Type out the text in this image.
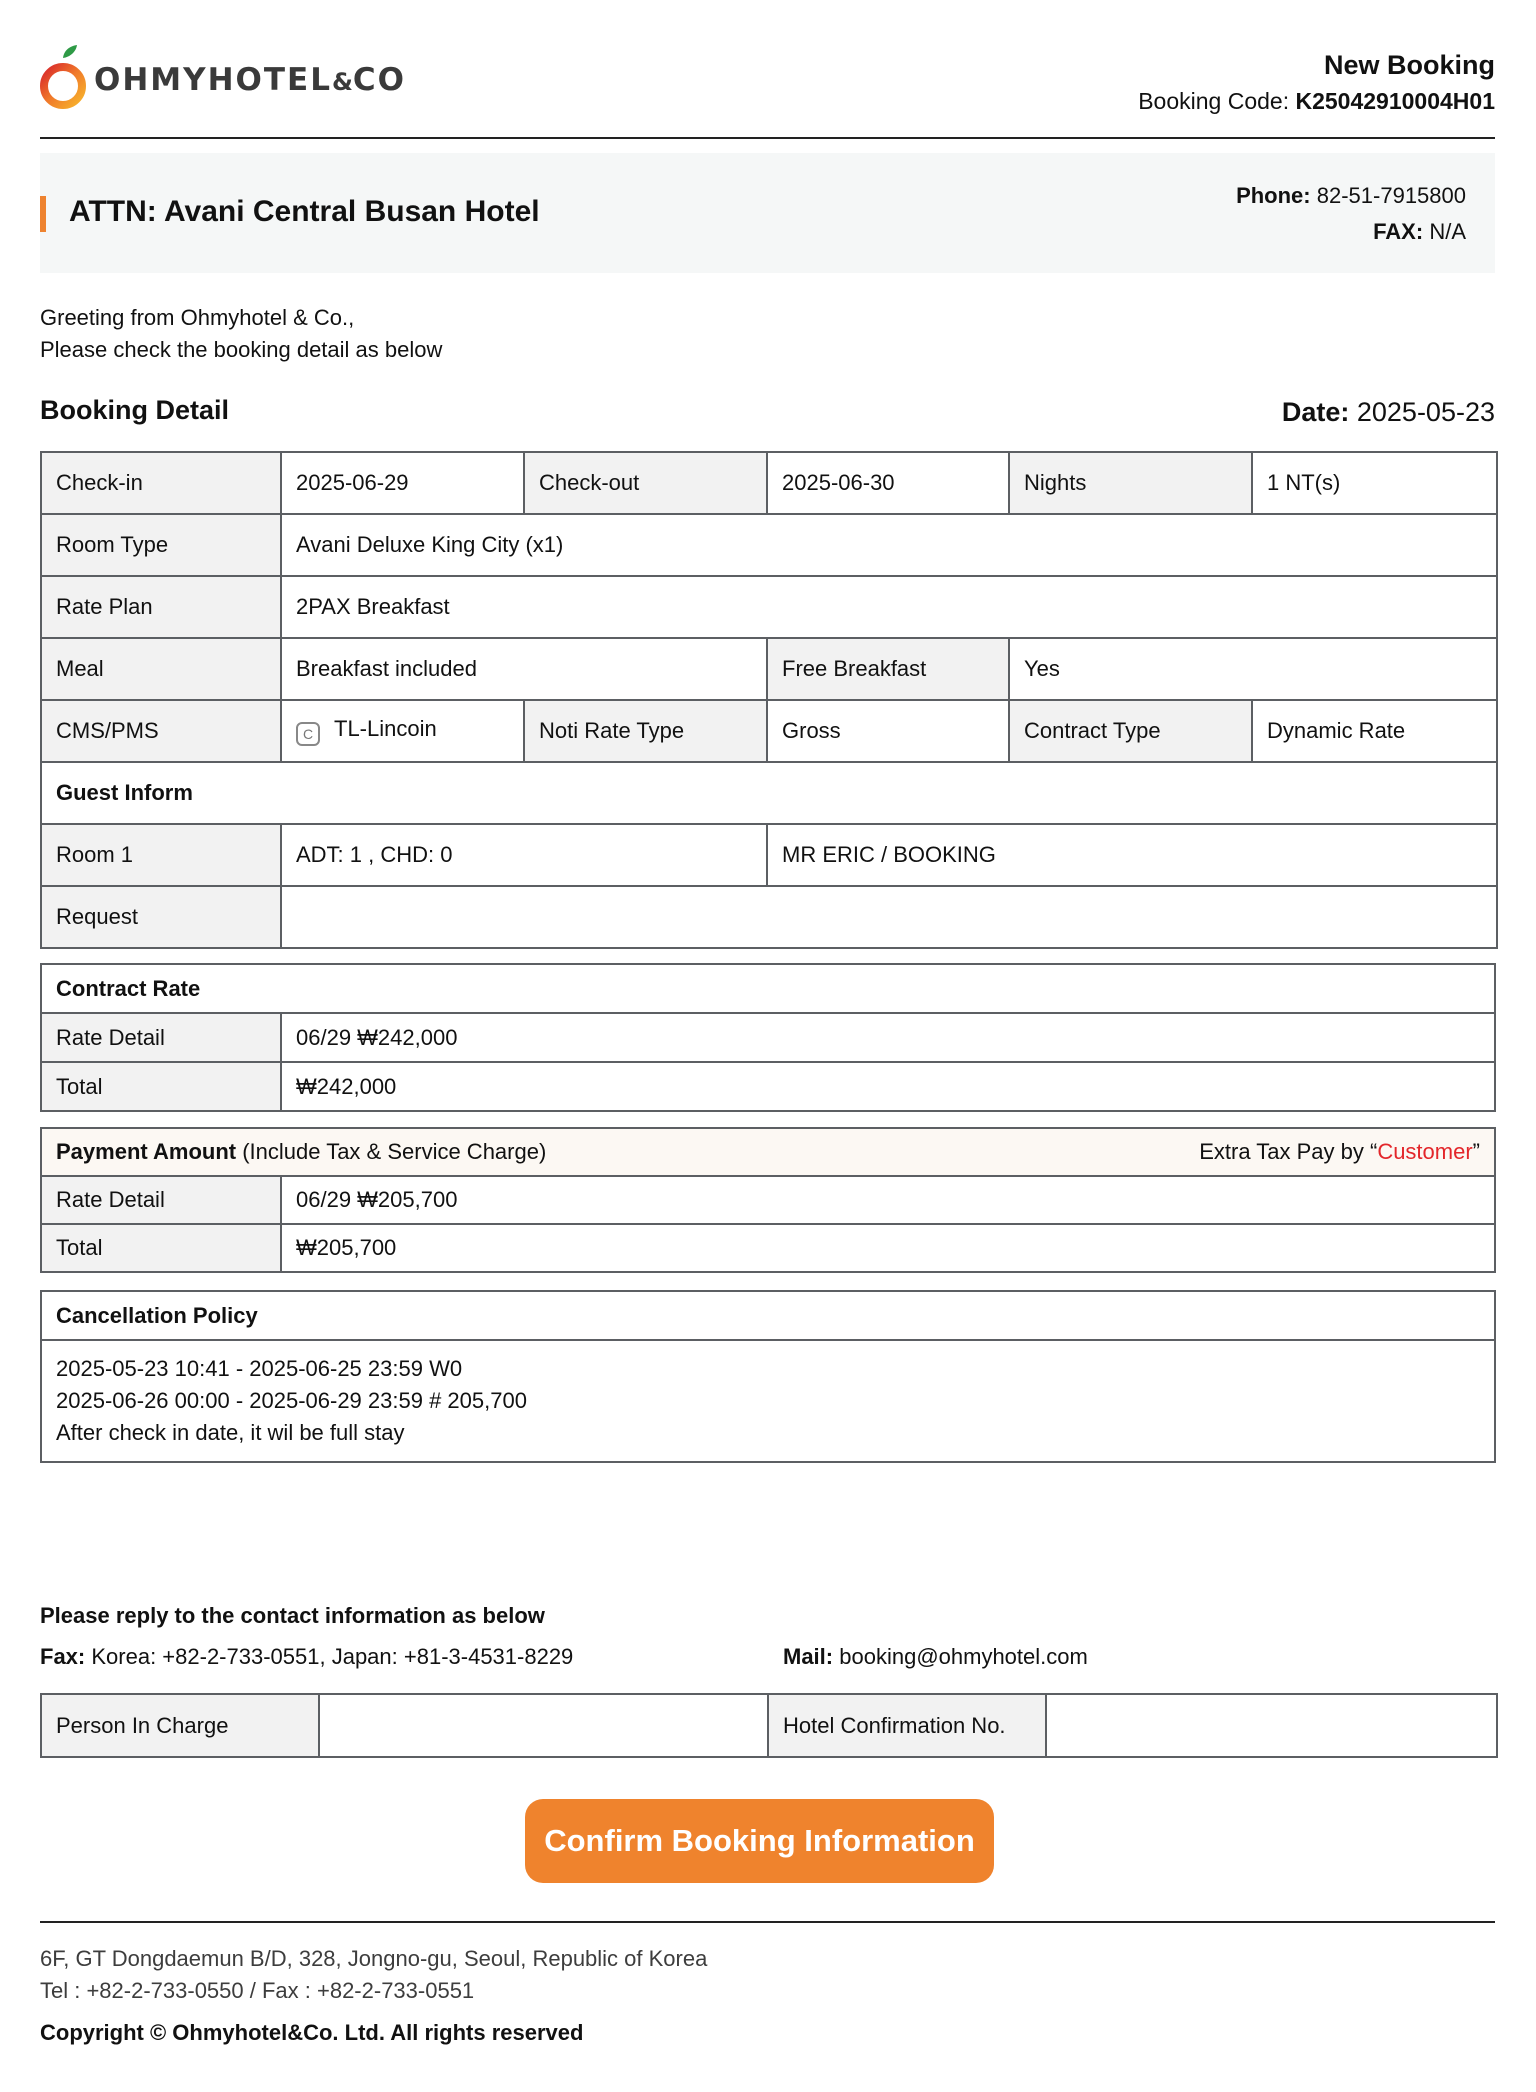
OHMYHOTEL&CO	New Booking
Booking Code: K25042910004H01
ATTN: Avani Central Busan Hotel	Phone: 82-51-7915800
FAX: N/A
Greeting from Ohmyhotel & Co.,
Please check the booking detail as below
Booking Detail	Date: 2025-05-23
Check-in	2025-06-29	Check-out	2025-06-30	Nights	1 NT(s)
Room Type	Avani Deluxe King City (x1)				
Rate Plan	2PAX Breakfast				
Meal	Breakfast included		Free Breakfast	Yes	
CMS/PMS	C TL-Lincoin	Noti Rate Type	Gross	Contract Type	Dynamic Rate
Guest Inform					
Room 1	ADT: 1 , CHD: 0		MR ERIC / BOOKING		
Request					
Contract Rate	
Rate Detail	06/29 ₩242,000
Total	₩242,000
Payment Amount (Include Tax & Service Charge) Extra Tax Pay by “Customer”	

Rate Detail	06/29 ₩205,700
Total	₩205,700
Cancellation Policy

2025-05-23 10:41 - 2025-06-25 23:59 W0
2025-06-26 00:00 - 2025-06-29 23:59 # 205,700
After check in date, it wil be full stay
Please reply to the contact information as below
Fax: Korea: +82-2-733-0551, Japan: +81-3-4531-8229	Mail: booking@ohmyhotel.com
Person In Charge		Hotel Confirmation No.	
Confirm Booking Information
6F, GT Dongdaemun B/D, 328, Jongno-gu, Seoul, Republic of Korea
Tel : +82-2-733-0550 / Fax : +82-2-733-0551
Copyright © Ohmyhotel&Co. Ltd. All rights reserved
